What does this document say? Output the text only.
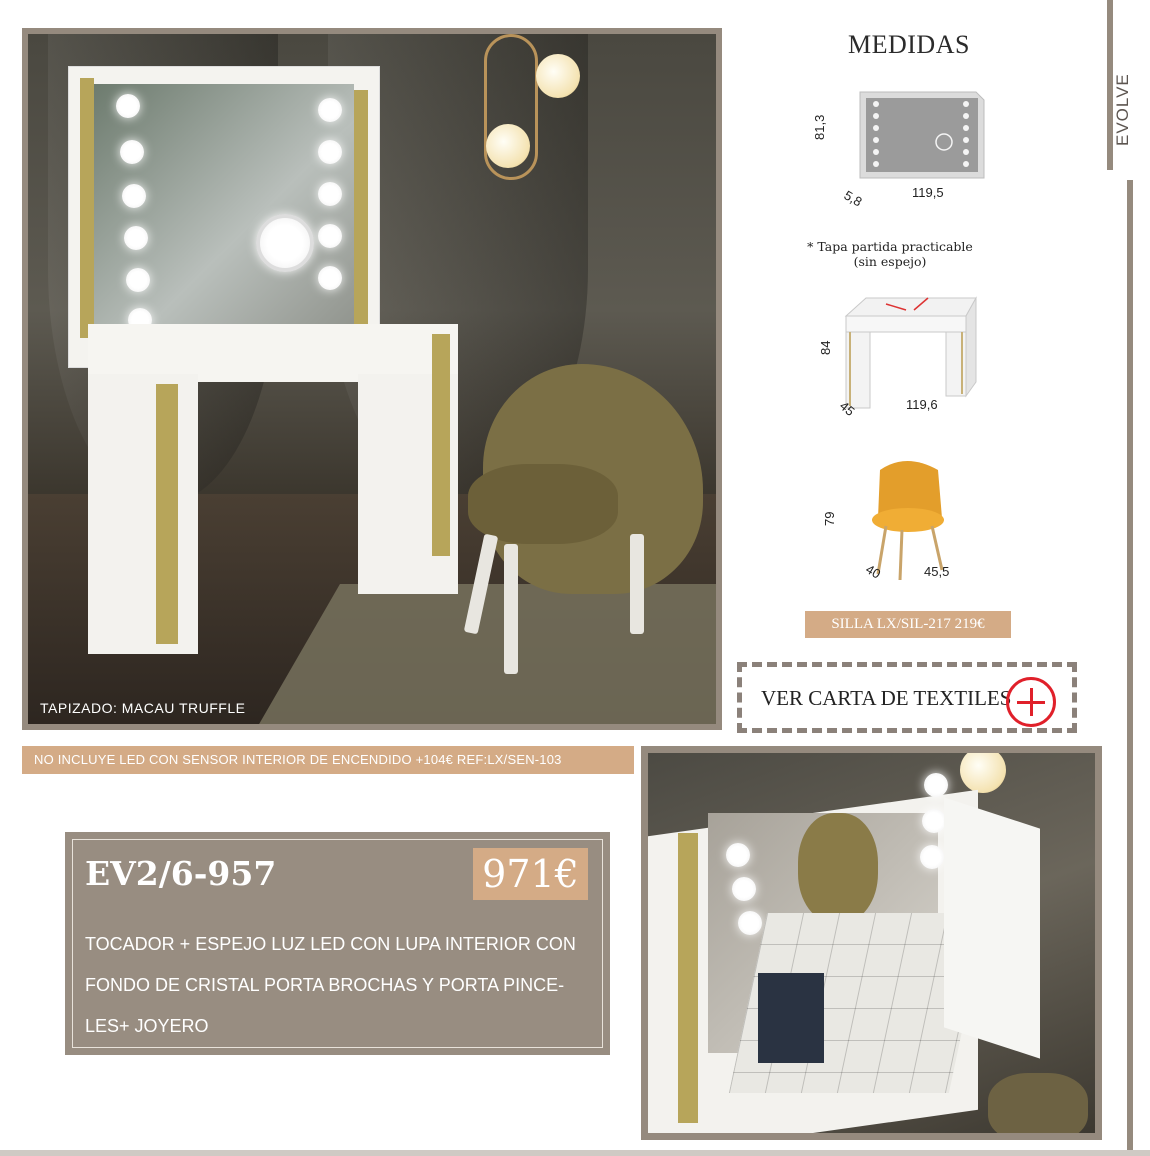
TAPIZADO: MACAU TRUFFLE
NO INCLUYE LED CON SENSOR INTERIOR DE ENCENDIDO +104€ REF:LX/SEN-103
EV2/6-957	971€
TOCADOR + ESPEJO LUZ LED CON LUPA INTERIOR CON FONDO DE CRISTAL PORTA BROCHAS Y PORTA PINCE-LES+ JOYERO
MEDIDAS
81,3
5,8	119,5
* Tapa partida practicable
(sin espejo)
84
45	119,6
79
40	45,5
SILLA LX/SIL-217 219€
VER CARTA DE TEXTILES
EVOLVE
